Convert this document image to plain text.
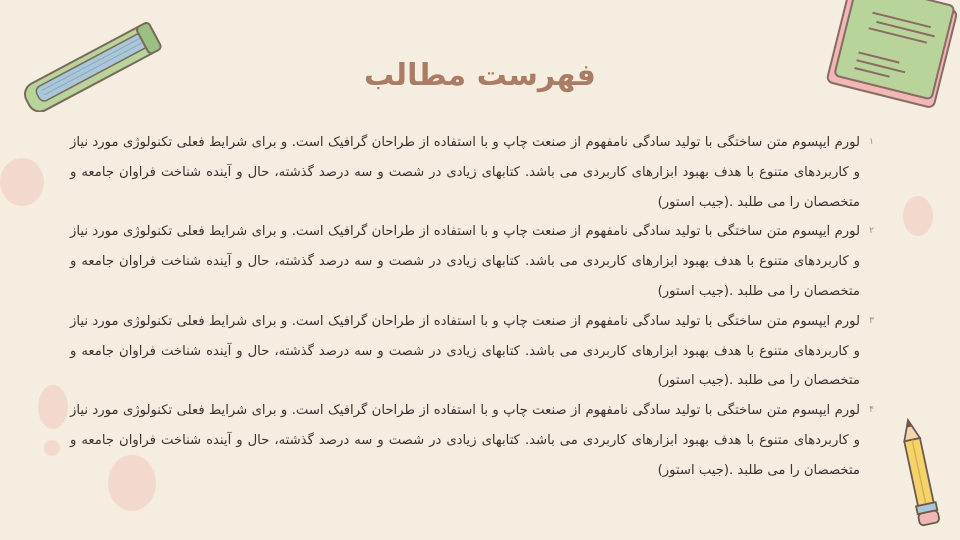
فهرست مطالب
۱
لورم ایپسوم متن ساختگی با تولید سادگی نامفهوم از صنعت چاپ و با استفاده از طراحان گرافیک است. و برای شرایط فعلی تکنولوژی مورد نیاز و کاربردهای متنوع با هدف بهبود ابزارهای کاربردی می باشد. کتابهای زیادی در شصت و سه درصد گذشته، حال و آینده شناخت فراوان جامعه و متخصصان را می طلبد .(جیب استور)
۲
لورم ایپسوم متن ساختگی با تولید سادگی نامفهوم از صنعت چاپ و با استفاده از طراحان گرافیک است. و برای شرایط فعلی تکنولوژی مورد نیاز و کاربردهای متنوع با هدف بهبود ابزارهای کاربردی می باشد. کتابهای زیادی در شصت و سه درصد گذشته، حال و آینده شناخت فراوان جامعه و متخصصان را می طلبد .(جیب استور)
۳
لورم ایپسوم متن ساختگی با تولید سادگی نامفهوم از صنعت چاپ و با استفاده از طراحان گرافیک است. و برای شرایط فعلی تکنولوژی مورد نیاز و کاربردهای متنوع با هدف بهبود ابزارهای کاربردی می باشد. کتابهای زیادی در شصت و سه درصد گذشته، حال و آینده شناخت فراوان جامعه و متخصصان را می طلبد .(جیب استور)
۴
لورم ایپسوم متن ساختگی با تولید سادگی نامفهوم از صنعت چاپ و با استفاده از طراحان گرافیک است. و برای شرایط فعلی تکنولوژی مورد نیاز و کاربردهای متنوع با هدف بهبود ابزارهای کاربردی می باشد. کتابهای زیادی در شصت و سه درصد گذشته، حال و آینده شناخت فراوان جامعه و متخصصان را می طلبد .(جیب استور)
